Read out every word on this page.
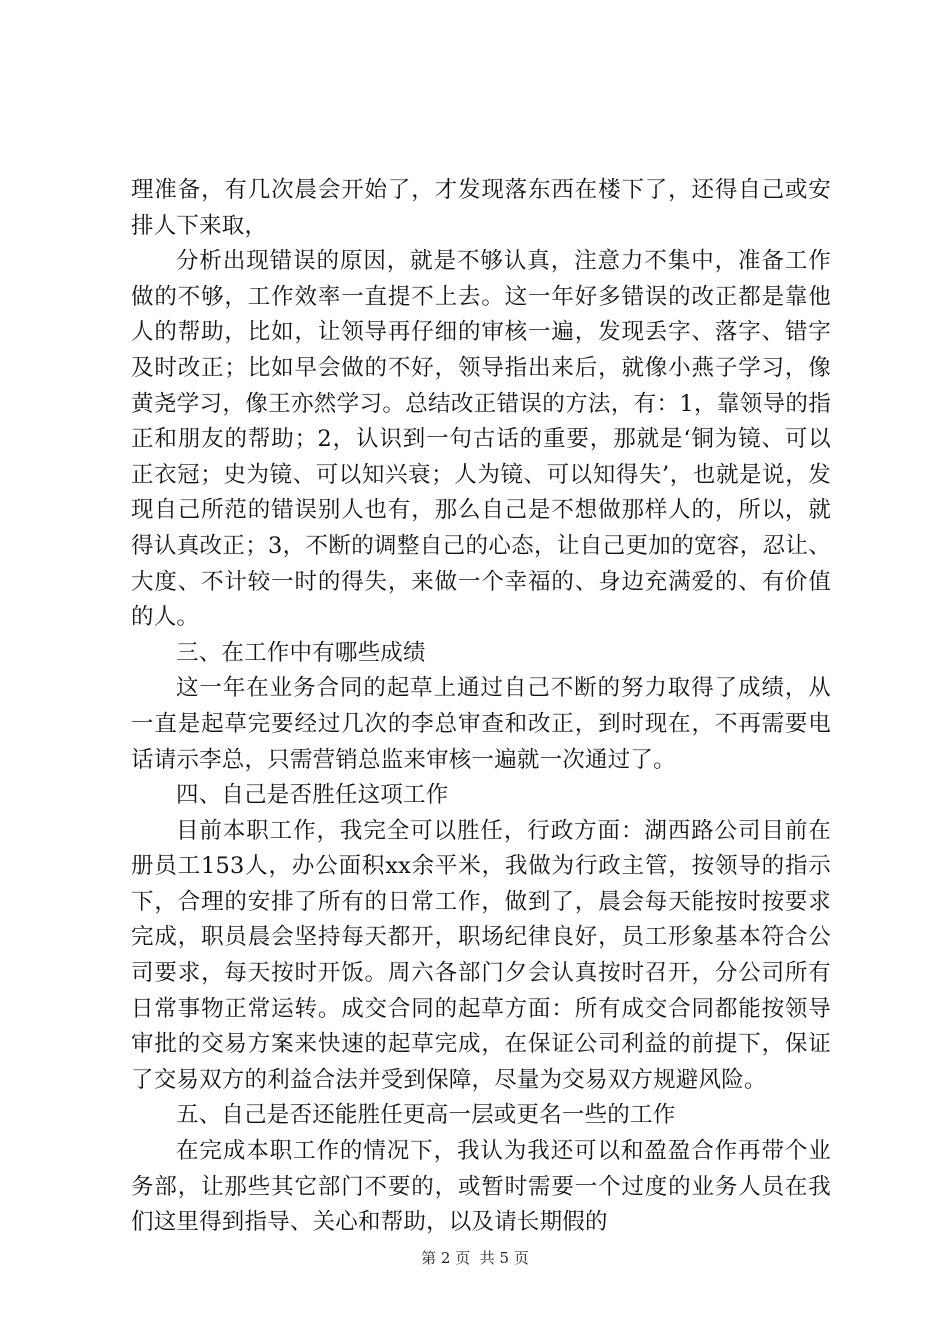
理准备，有几次晨会开始了，才发现落东西在楼下了，还得自己或安排人下来取，

分析出现错误的原因，就是不够认真，注意力不集中，准备工作做的不够，工作效率一直提不上去。这一年好多错误的改正都是靠他人的帮助，比如，让领导再仔细的审核一遍，发现丢字、落字、错字及时改正；比如早会做的不好，领导指出来后，就像小燕子学习，像黄尧学习，像王亦然学习。总结改正错误的方法，有：1，靠领导的指正和朋友的帮助；2，认识到一句古话的重要，那就是‘铜为镜、可以正衣冠；史为镜、可以知兴衰；人为镜、可以知得失’，也就是说，发现自己所范的错误别人也有，那么自己是不想做那样人的，所以，就得认真改正；3，不断的调整自己的心态，让自己更加的宽容，忍让、大度、不计较一时的得失，来做一个幸福的、身边充满爱的、有价值的人。

三、在工作中有哪些成绩

这一年在业务合同的起草上通过自己不断的努力取得了成绩，从一直是起草完要经过几次的李总审查和改正，到时现在，不再需要电话请示李总，只需营销总监来审核一遍就一次通过了。

四、自己是否胜任这项工作

目前本职工作，我完全可以胜任，行政方面：湖西路公司目前在册员工153人，办公面积xx余平米，我做为行政主管，按领导的指示下，合理的安排了所有的日常工作，做到了，晨会每天能按时按要求完成，职员晨会坚持每天都开，职场纪律良好，员工形象基本符合公司要求，每天按时开饭。周六各部门夕会认真按时召开，分公司所有日常事物正常运转。成交合同的起草方面：所有成交合同都能按领导审批的交易方案来快速的起草完成，在保证公司利益的前提下，保证了交易双方的利益合法并受到保障，尽量为交易双方规避风险。

五、自己是否还能胜任更高一层或更名一些的工作

在完成本职工作的情况下，我认为我还可以和盈盈合作再带个业务部，让那些其它部门不要的，或暂时需要一个过度的业务人员在我们这里得到指导、关心和帮助，以及请长期假的

第 2 页  共 5 页
